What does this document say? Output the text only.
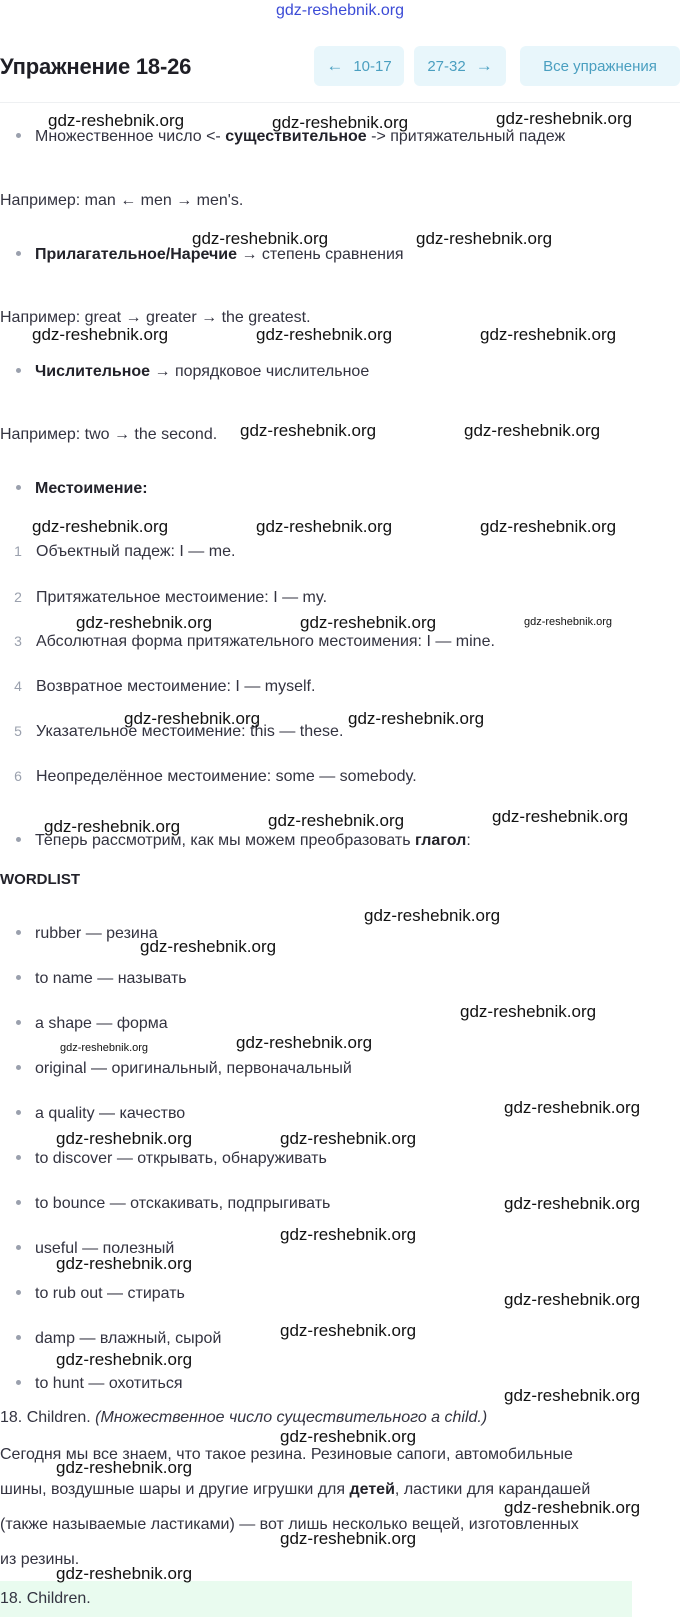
gdz-reshebnik.org
Упражнение 18-26	← 10-17 27-32 →	Все упражнения
Множественное число <- существительное -> притяжательный падеж
Например: man ← men → men's.
Прилагательное/Наречие → степень сравнения
Например: great → greater → the greatest.
Числительное → порядковое числительное
Например: two → the second.
Местоимение:
1 Объектный падеж: I — me.
2 Притяжательное местоимение: I — my.
3 Абсолютная форма притяжательного местоимения: I — mine.
4 Возвратное местоимение: I — myself.
5 Указательное местоимение: this — these.
6 Неопределённое местоимение: some — somebody.
Теперь рассмотрим, как мы можем преобразовать глагол:
WORDLIST
rubber — резина
to name — называть
a shape — форма
original — оригинальный, первоначальный
a quality — качество
to discover — открывать, обнаруживать
to bounce — отскакивать, подпрыгивать
useful — полезный
to rub out — стирать
damp — влажный, сырой
to hunt — охотиться
18. Children. (Множественное число существительного a child.)
Сегодня мы все знаем, что такое резина. Резиновые сапоги, автомобильные
шины, воздушные шары и другие игрушки для детей, ластики для карандашей
(также называемые ластиками) — вот лишь несколько вещей, изготовленных
из резины.
18. Children.
gdz-reshebnik.org	gdz-reshebnik.org	gdz-reshebnik.org
gdz-reshebnik.org	gdz-reshebnik.org
gdz-reshebnik.org	gdz-reshebnik.org	gdz-reshebnik.org
gdz-reshebnik.org	gdz-reshebnik.org
gdz-reshebnik.org	gdz-reshebnik.org	gdz-reshebnik.org
gdz-reshebnik.org	gdz-reshebnik.org	gdz-reshebnik.org
gdz-reshebnik.org	gdz-reshebnik.org
gdz-reshebnik.org	gdz-reshebnik.org	gdz-reshebnik.org
gdz-reshebnik.org
gdz-reshebnik.org
gdz-reshebnik.org
gdz-reshebnik.org
gdz-reshebnik.org
gdz-reshebnik.org
gdz-reshebnik.org	gdz-reshebnik.org
gdz-reshebnik.org
gdz-reshebnik.org
gdz-reshebnik.org
gdz-reshebnik.org
gdz-reshebnik.org
gdz-reshebnik.org
gdz-reshebnik.org
gdz-reshebnik.org
gdz-reshebnik.org
gdz-reshebnik.org
gdz-reshebnik.org
gdz-reshebnik.org
